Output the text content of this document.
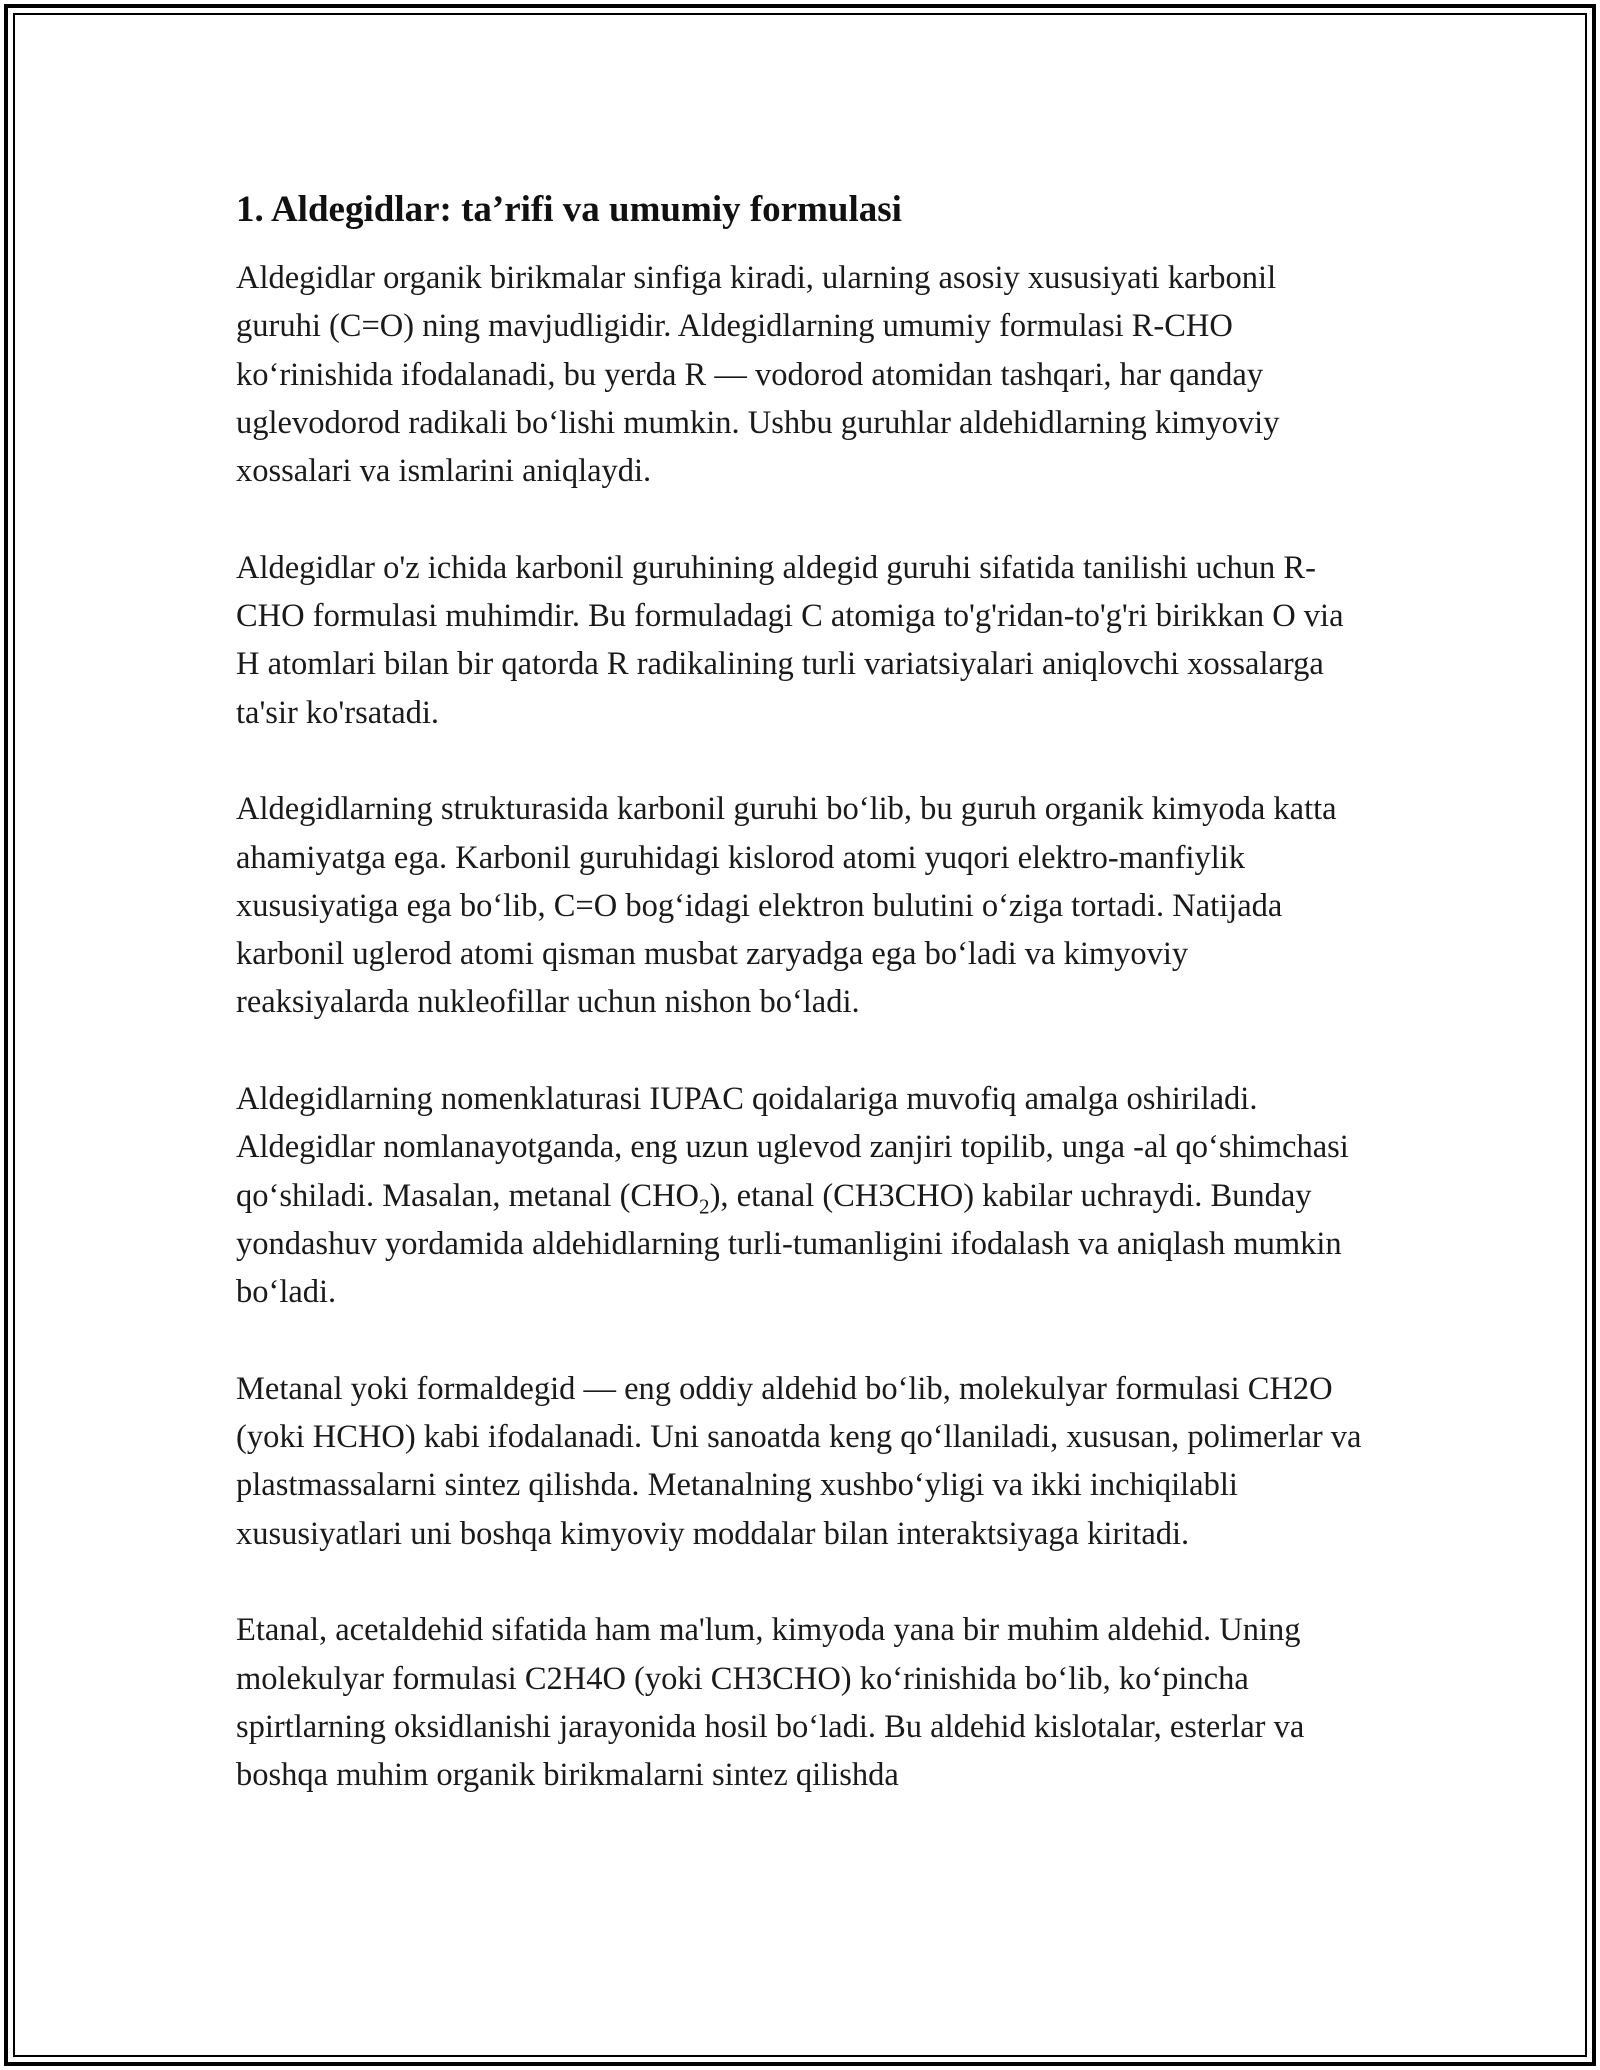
1. Aldegidlar: ta’rifi va umumiy formulasi

Aldegidlar organik birikmalar sinfiga kiradi, ularning asosiy xususiyati karbonil guruhi (C=O) ning mavjudligidir. Aldegidlarning umumiy formulasi R-CHO ko‘rinishida ifodalanadi, bu yerda R — vodorod atomidan tashqari, har qanday uglevodorod radikali bo‘lishi mumkin. Ushbu guruhlar aldehidlarning kimyoviy xossalari va ismlarini aniqlaydi.

Aldegidlar o'z ichida karbonil guruhining aldegid guruhi sifatida tanilishi uchun R-CHO formulasi muhimdir. Bu formuladagi C atomiga to'g'ridan-to'g'ri birikkan O via H atomlari bilan bir qatorda R radikalining turli variatsiyalari aniqlovchi xossalarga ta'sir ko'rsatadi.

Aldegidlarning strukturasida karbonil guruhi bo‘lib, bu guruh organik kimyoda katta ahamiyatga ega. Karbonil guruhidagi kislorod atomi yuqori elektro-manfiylik xususiyatiga ega bo‘lib, C=O bog‘idagi elektron bulutini o‘ziga tortadi. Natijada karbonil uglerod atomi qisman musbat zaryadga ega bo‘ladi va kimyoviy reaksiyalarda nukleofillar uchun nishon bo‘ladi.

Aldegidlarning nomenklaturasi IUPAC qoidalariga muvofiq amalga oshiriladi. Aldegidlar nomlanayotganda, eng uzun uglevod zanjiri topilib, unga -al qo‘shimchasi qo‘shiladi. Masalan, metanal $(CHO_2)$, etanal (CH3CHO) kabilar uchraydi. Bunday yondashuv yordamida aldehidlarning turli-tumanligini ifodalash va aniqlash mumkin bo‘ladi.

Metanal yoki formaldegid — eng oddiy aldehid bo‘lib, molekulyar formulasi CH2O (yoki HCHO) kabi ifodalanadi. Uni sanoatda keng qo‘llaniladi, xususan, polimerlar va plastmassalarni sintez qilishda. Metanalning xushbo‘yligi va ikki inchiqilabli xususiyatlari uni boshqa kimyoviy moddalar bilan interaktsiyaga kiritadi.

Etanal, acetaldehid sifatida ham ma'lum, kimyoda yana bir muhim aldehid. Uning molekulyar formulasi C2H4O (yoki CH3CHO) ko‘rinishida bo‘lib, ko‘pincha spirtlarning oksidlanishi jarayonida hosil bo‘ladi. Bu aldehid kislotalar, esterlar va boshqa muhim organik birikmalarni sintez qilishda
